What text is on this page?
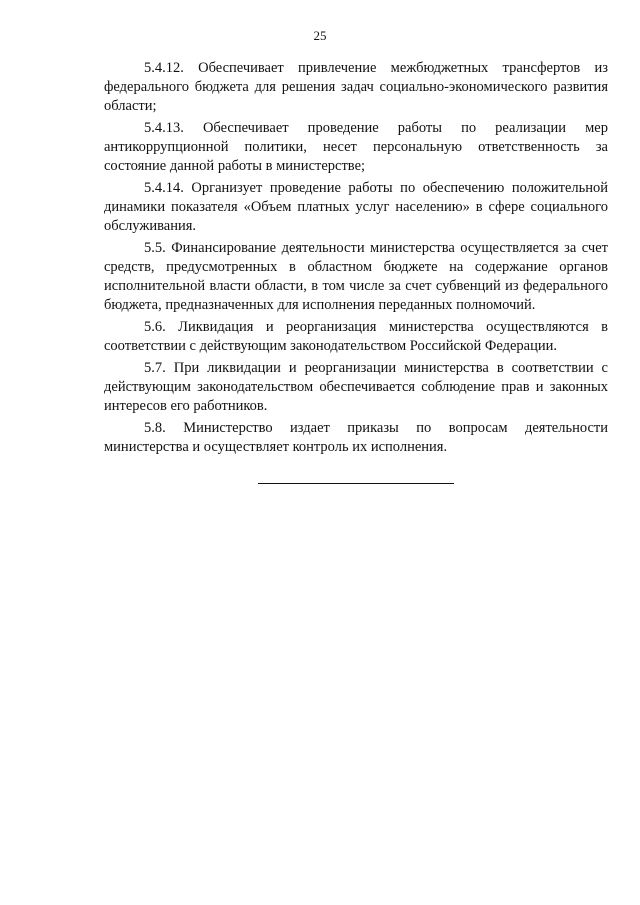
25

5.4.12. Обеспечивает привлечение межбюджетных трансфертов из федерального бюджета для решения задач социально-экономического развития области;

5.4.13. Обеспечивает проведение работы по реализации мер антикоррупционной политики, несет персональную ответственность за состояние данной работы в министерстве;

5.4.14. Организует проведение работы по обеспечению положительной динамики показателя «Объем платных услуг населению» в сфере социального обслуживания.

5.5. Финансирование деятельности министерства осуществляется за счет средств, предусмотренных в областном бюджете на содержание органов исполнительной власти области, в том числе за счет субвенций из федерального бюджета, предназначенных для исполнения переданных полномочий.

5.6. Ликвидация и реорганизация министерства осуществляются в соответствии с действующим законодательством Российской Федерации.

5.7. При ликвидации и реорганизации министерства в соответствии с действующим законодательством обеспечивается соблюдение прав и законных интересов его работников.

5.8. Министерство издает приказы по вопросам деятельности министерства и осуществляет контроль их исполнения.
